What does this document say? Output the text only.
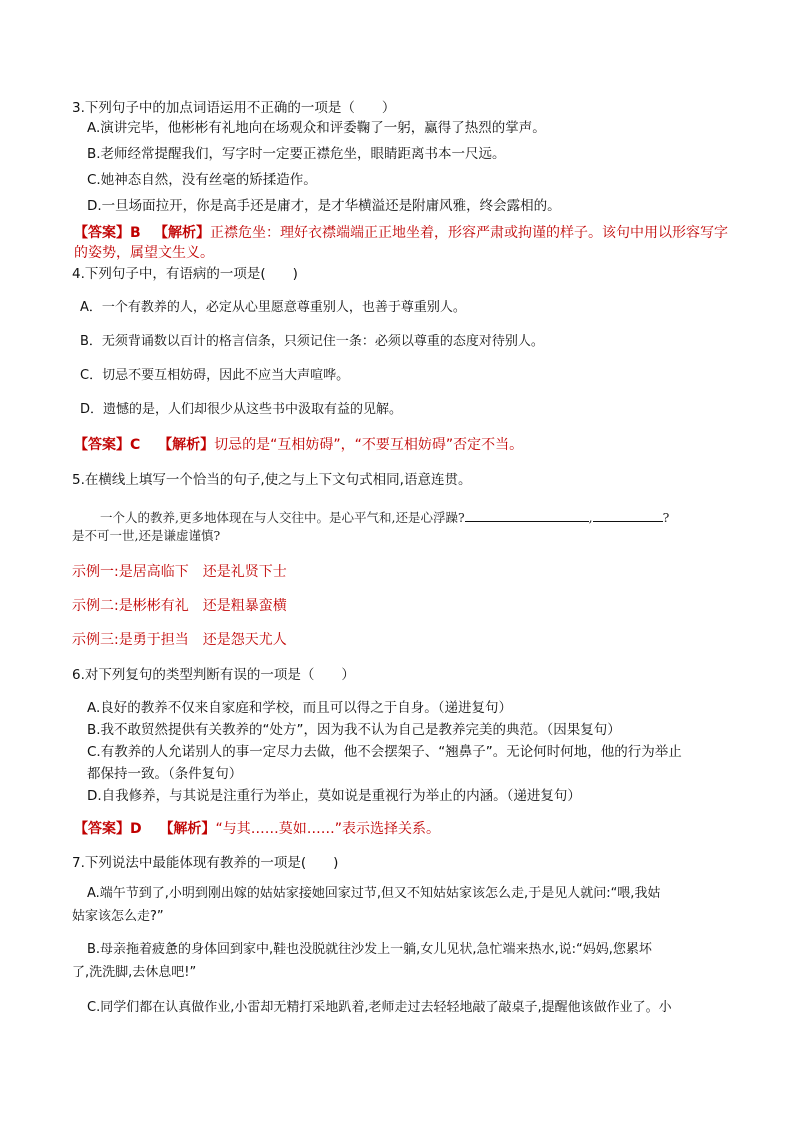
3.下列句子中的加点词语运用不正确的一项是（　　）
A.演讲完毕，他彬彬有礼地向在场观众和评委鞠了一躬，赢得了热烈的掌声。
B.老师经常提醒我们，写字时一定要正襟危坐，眼睛距离书本一尺远。
C.她神态自然，没有丝毫的矫揉造作。
D.一旦场面拉开，你是高手还是庸才，是才华横溢还是附庸风雅，终会露相的。
【答案】B 【解析】正襟危坐：理好衣襟端端正正地坐着，形容严肃或拘谨的样子。该句中用以形容写字
的姿势，属望文生义。
4.下列句子中，有语病的一项是(　　)
A．一个有教养的人，必定从心里愿意尊重别人，也善于尊重别人。
B．无须背诵数以百计的格言信条，只须记住一条：必须以尊重的态度对待别人。
C．切忌不要互相妨碍，因此不应当大声喧哗。
D．遗憾的是，人们却很少从这些书中汲取有益的见解。
【答案】C 【解析】切忌的是“互相妨碍”，“不要互相妨碍”否定不当。
5.在横线上填写一个恰当的句子,使之与上下文句式相同,语意连贯。
一个人的教养,更多地体现在与人交往中。是心平气和,还是心浮躁?	,	?
是不可一世,还是谦虚谨慎?
示例一:是居高临下　还是礼贤下士
示例二:是彬彬有礼　还是粗暴蛮横
示例三:是勇于担当　还是怨天尤人
6.对下列复句的类型判断有误的一项是（　　）
A.良好的教养不仅来自家庭和学校，而且可以得之于自身。（递进复句）
B.我不敢贸然提供有关教养的“处方”，因为我不认为自己是教养完美的典范。（因果复句）
C.有教养的人允诺别人的事一定尽力去做，他不会摆架子、“翘鼻子”。无论何时何地，他的行为举止
都保持一致。（条件复句）
D.自我修养，与其说是注重行为举止，莫如说是重视行为举止的内涵。（递进复句）
【答案】D 【解析】“与其……莫如……”表示选择关系。
7.下列说法中最能体现有教养的一项是(　　)
A.端午节到了,小明到刚出嫁的姑姑家接她回家过节,但又不知姑姑家该怎么走,于是见人就问:“喂,我姑
姑家该怎么走?”
B.母亲拖着疲惫的身体回到家中,鞋也没脱就往沙发上一躺,女儿见状,急忙端来热水,说:“妈妈,您累坏
了,洗洗脚,去休息吧!”
C.同学们都在认真做作业,小雷却无精打采地趴着,老师走过去轻轻地敲了敲桌子,提醒他该做作业了。小
